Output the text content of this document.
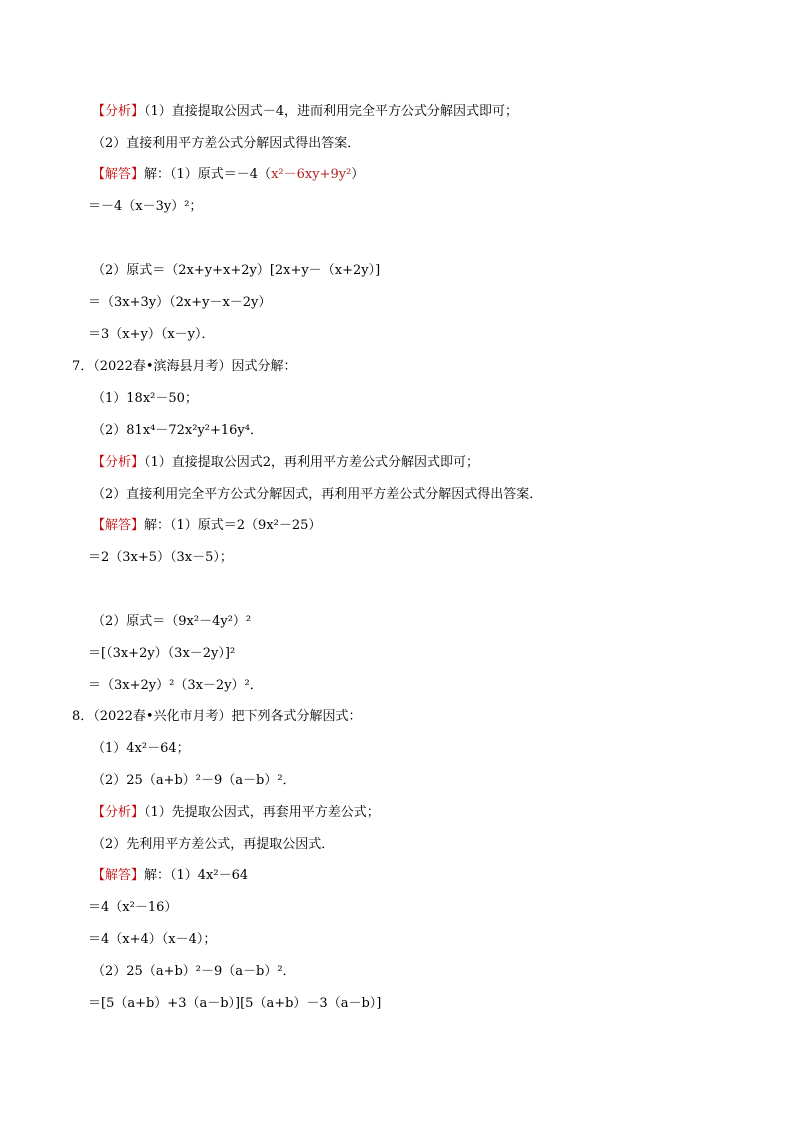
【分析】（1）直接提取公因式－4，进而利用完全平方公式分解因式即可；
（2）直接利用平方差公式分解因式得出答案．
【解答】解：（1）原式＝－4（x²－6xy+9y²）
＝－4（x－3y）²；
（2）原式＝（2x+y+x+2y）[2x+y－（x+2y）]
＝（3x+3y）（2x+y－x－2y）
＝3（x+y）（x－y）．
7．（2022春•滨海县月考）因式分解：
（1）18x²－50；
（2）81x⁴－72x²y²+16y⁴．
【分析】（1）直接提取公因式2，再利用平方差公式分解因式即可；
（2）直接利用完全平方公式分解因式，再利用平方差公式分解因式得出答案．
【解答】解：（1）原式＝2（9x²－25）
＝2（3x+5）（3x－5）；
（2）原式＝（9x²－4y²）²
＝[（3x+2y）（3x－2y）]²
＝（3x+2y）²（3x－2y）²．
8．（2022春•兴化市月考）把下列各式分解因式：
（1）4x²－64；
（2）25（a+b）²－9（a－b）²．
【分析】（1）先提取公因式，再套用平方差公式；
（2）先利用平方差公式，再提取公因式．
【解答】解：（1）4x²－64
＝4（x²－16）
＝4（x+4）（x－4）；
（2）25（a+b）²－9（a－b）²．
＝[5（a+b）+3（a－b）][5（a+b）－3（a－b）]
